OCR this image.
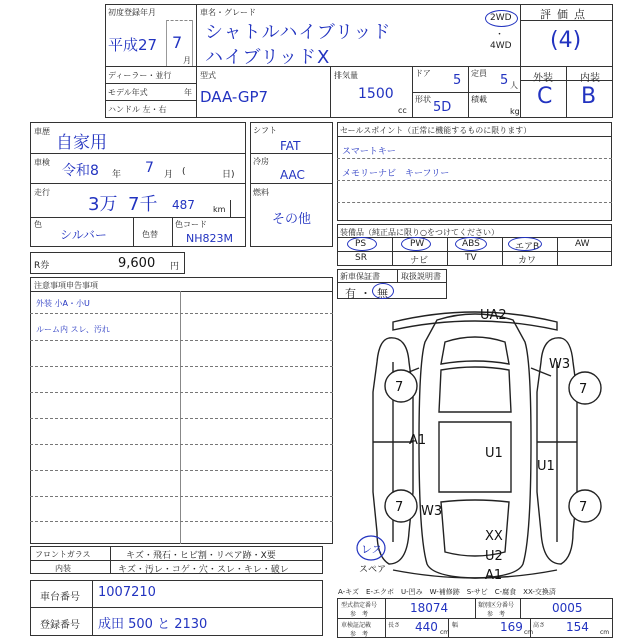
初度登録年月
平成27 7
月
車名・グレード
シャトルハイブリッド
ハイブリッドX
2WD
・
4WD
評価点
(4)
ディーラー・並行
モデル年式	年
ハンドル 左・右
型式
DAA-GP7
排気量
1500
cc
ドア 5 定員 5 人
形状
5D
積載
kg
外装	内装
C B
車歴
自家用
車検
令和8 年 7 月 (	日)
走行
3万 7千 487 km
色
シルバー	色替
色コード
NH823M
シフト
FAT
冷房
AAC
燃料
その他
セールスポイント（正常に機能するものに限ります）
スマートキー
メモリーナビ　キーフリー
装備品（純正品に限り○をつけてください）
PS	PW	ABS	エアB	AW
SR	ナビ	TV	カワ
R券	9,600 円
新車保証書	取扱説明書
有 ・ 無
注意事項申告事項
外装 小A・小U
ルーム内 スレ、汚れ
フロントガラス	キズ・飛石・ヒビ割・リペア跡・X要
内装	キズ・汚レ・コゲ・穴・スレ・キレ・破レ
車台番号 1007210
登録番号 成田 500 と 2130
A-キズ　E-エクボ　U-凹み　W-補修跡　S-サビ　C-腐食　XX-交換済
型式指定番号
参　考	18074	類別区分番号
参　考	0005
車検証記載
参　考
長さ 440 cm
幅	169 cm
高さ 154 cm
UA2
W3
7	7
A1
U1
U1
7	7
W3
XX
U2
A1
レス
スペア
